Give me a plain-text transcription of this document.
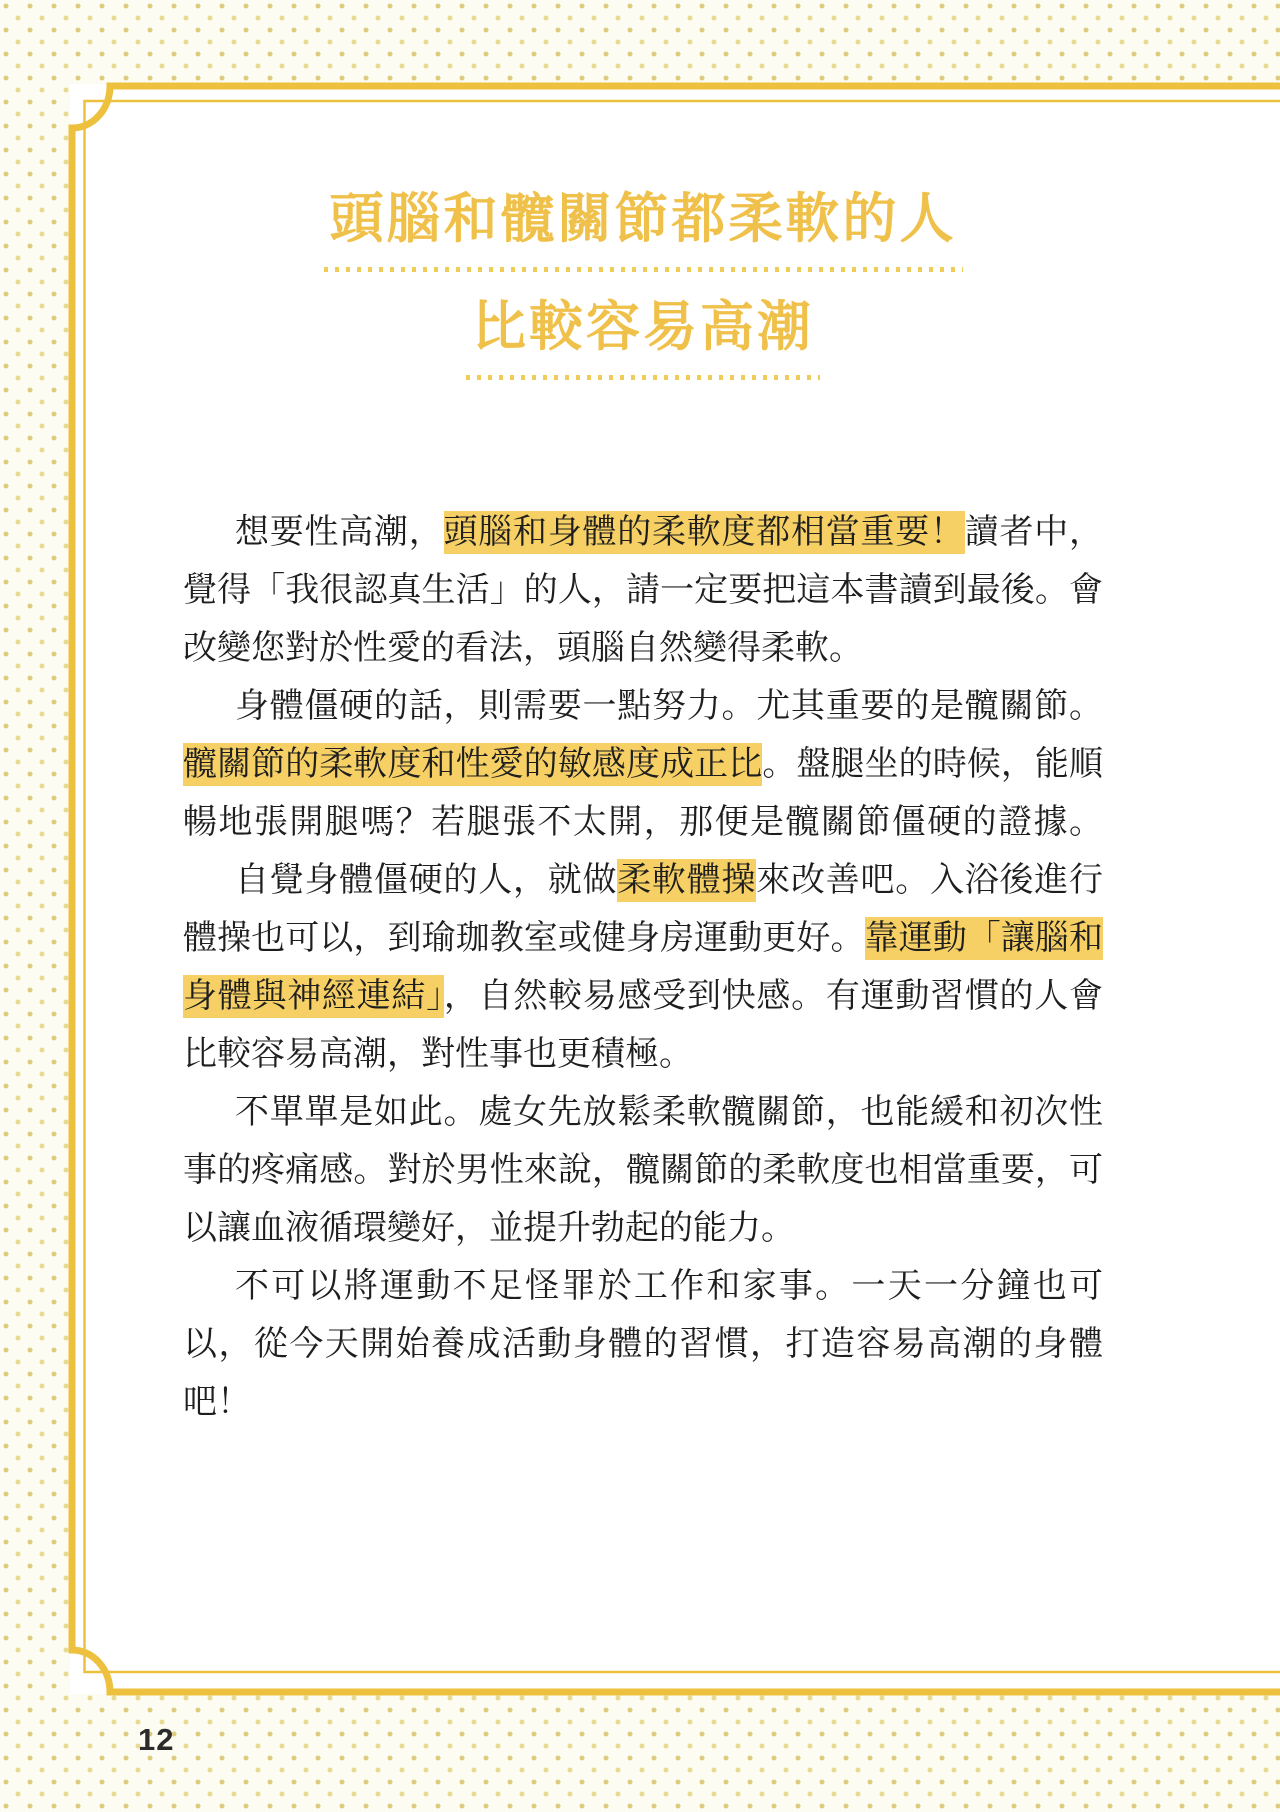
頭腦和髖關節都柔軟的人
比較容易高潮
想要性高潮，頭腦和身體的柔軟度都相當重要！讀者中，
覺得「我很認真生活」的人，請一定要把這本書讀到最後。會
改變您對於性愛的看法，頭腦自然變得柔軟。
身體僵硬的話，則需要一點努力。尤其重要的是髖關節。
髖關節的柔軟度和性愛的敏感度成正比。盤腿坐的時候，能順
暢地張開腿嗎？若腿張不太開，那便是髖關節僵硬的證據。
自覺身體僵硬的人，就做柔軟體操來改善吧。入浴後進行
體操也可以，到瑜珈教室或健身房運動更好。靠運動「讓腦和
身體與神經連結」，自然較易感受到快感。有運動習慣的人會
比較容易高潮，對性事也更積極。
不單單是如此。處女先放鬆柔軟髖關節，也能緩和初次性
事的疼痛感。對於男性來說，髖關節的柔軟度也相當重要，可
以讓血液循環變好，並提升勃起的能力。
不可以將運動不足怪罪於工作和家事。一天一分鐘也可
以，從今天開始養成活動身體的習慣，打造容易高潮的身體
吧！
12
